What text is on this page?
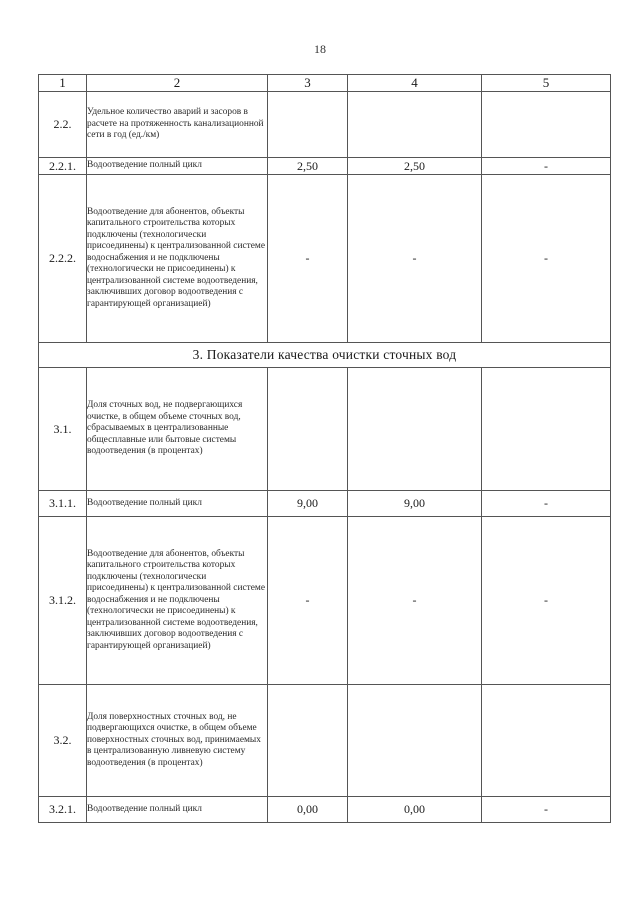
18
1	2	3	4	5
2.2.	Удельное количество аварий и засоров в расчете на протяженность канализационной сети в год (ед./км)			
2.2.1.	Водоотведение полный цикл	2,50	2,50	-
2.2.2.	Водоотведение для абонентов, объекты капитального строительства которых подключены (технологически присоединены) к централизованной системе водоснабжения и не подключены (технологически не присоединены) к централизованной системе водоотведения, заключивших договор водоотведения с гарантирующей организацией)	-	-	-
3. Показатели качества очистки сточных вод				
3.1.	Доля сточных вод, не подвергающихся очистке, в общем объеме сточных вод, сбрасываемых в централизованные общесплавные или бытовые системы водоотведения (в процентах)			
3.1.1.	Водоотведение полный цикл	9,00	9,00	-
3.1.2.	Водоотведение для абонентов, объекты капитального строительства которых подключены (технологически присоединены) к централизованной системе водоснабжения и не подключены (технологически не присоединены) к централизованной системе водоотведения, заключивших договор водоотведения с гарантирующей организацией)	-	-	-
3.2.	Доля поверхностных сточных вод, не подвергающихся очистке, в общем объеме поверхностных сточных вод, принимаемых в централизованную ливневую систему водоотведения (в процентах)			
3.2.1.	Водоотведение полный цикл	0,00	0,00	-
